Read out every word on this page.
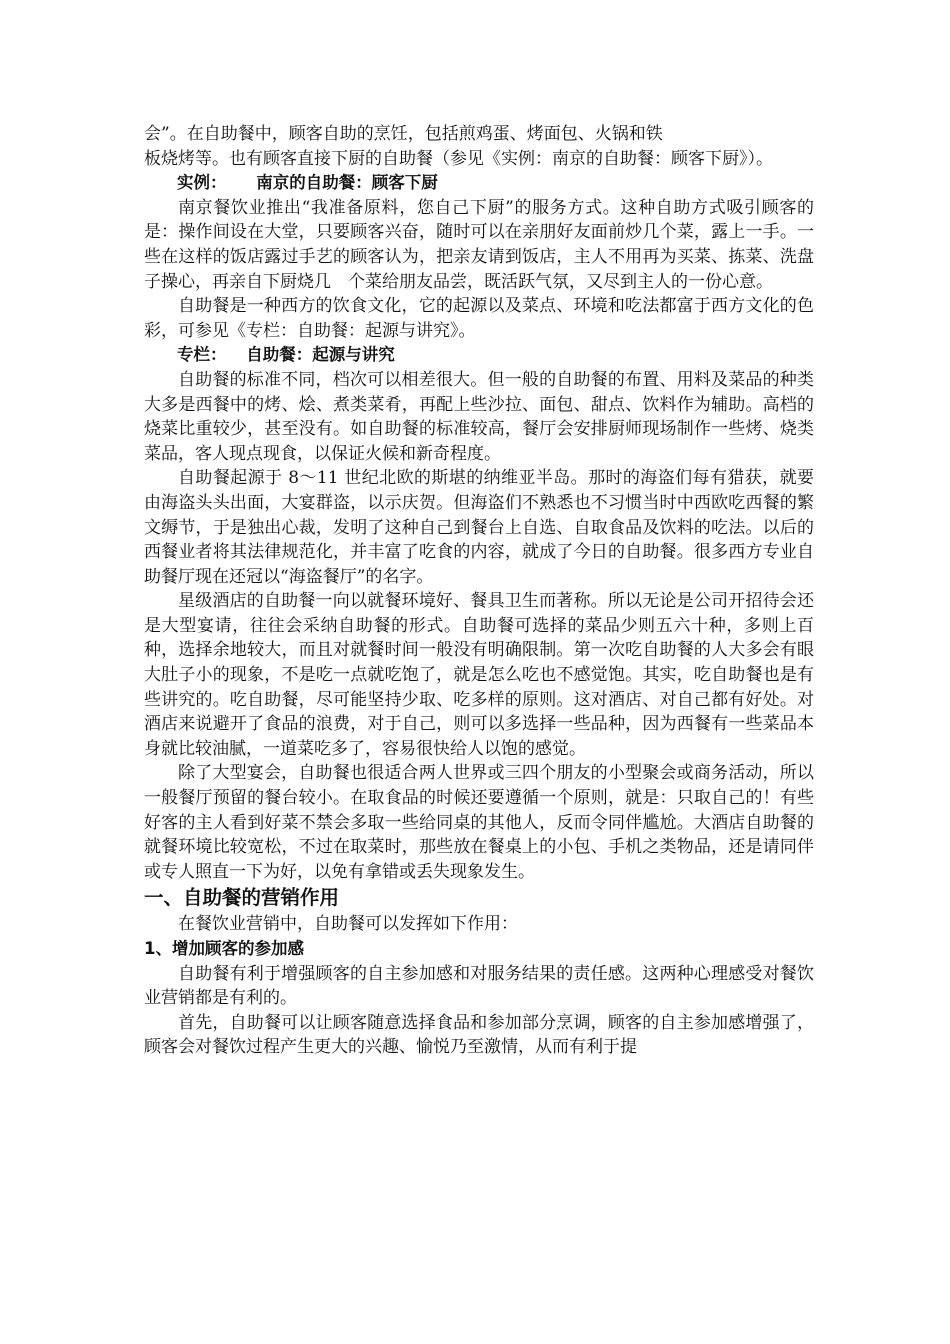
会”。在自助餐中，顾客自助的烹饪，包括煎鸡蛋、烤面包、火锅和铁
板烧烤等。也有顾客直接下厨的自助餐（参见《实例：南京的自助餐：顾客下厨》）。

实例： 南京的自助餐：顾客下厨

南京餐饮业推出“我准备原料，您自己下厨”的服务方式。这种自助方式吸引顾客的是：操作间设在大堂，只要顾客兴奋，随时可以在亲朋好友面前炒几个菜，露上一手。一些在这样的饭店露过手艺的顾客认为，把亲友请到饭店，主人不用再为买菜、拣菜、洗盘子操心，再亲自下厨烧几　个菜给朋友品尝，既活跃气氛，又尽到主人的一份心意。

自助餐是一种西方的饮食文化，它的起源以及菜点、环境和吃法都富于西方文化的色彩，可参见《专栏：自助餐：起源与讲究》。

专栏： 自助餐：起源与讲究

自助餐的标准不同，档次可以相差很大。但一般的自助餐的布置、用料及菜品的种类大多是西餐中的烤、烩、煮类菜肴，再配上些沙拉、面包、甜点、饮料作为辅助。高档的烧菜比重较少，甚至没有。如自助餐的标准较高，餐厅会安排厨师现场制作一些烤、烧类菜品，客人现点现食，以保证火候和新奇程度。

自助餐起源于 8～11 世纪北欧的斯堪的纳维亚半岛。那时的海盗们每有猎获，就要由海盗头头出面，大宴群盗，以示庆贺。但海盗们不熟悉也不习惯当时中西欧吃西餐的繁文缛节，于是独出心裁，发明了这种自己到餐台上自选、自取食品及饮料的吃法。以后的西餐业者将其法律规范化，并丰富了吃食的内容，就成了今日的自助餐。很多西方专业自助餐厅现在还冠以“海盗餐厅”的名字。

星级酒店的自助餐一向以就餐环境好、餐具卫生而著称。所以无论是公司开招待会还是大型宴请，往往会采纳自助餐的形式。自助餐可选择的菜品少则五六十种，多则上百种，选择余地较大，而且对就餐时间一般没有明确限制。第一次吃自助餐的人大多会有眼大肚子小的现象，不是吃一点就吃饱了，就是怎么吃也不感觉饱。其实，吃自助餐也是有些讲究的。吃自助餐，尽可能坚持少取、吃多样的原则。这对酒店、对自己都有好处。对酒店来说避开了食品的浪费，对于自己，则可以多选择一些品种，因为西餐有一些菜品本身就比较油腻，一道菜吃多了，容易很快给人以饱的感觉。

除了大型宴会，自助餐也很适合两人世界或三四个朋友的小型聚会或商务活动，所以一般餐厅预留的餐台较小。在取食品的时候还要遵循一个原则，就是：只取自己的！有些好客的主人看到好菜不禁会多取一些给同桌的其他人，反而令同伴尴尬。大酒店自助餐的就餐环境比较宽松，不过在取菜时，那些放在餐桌上的小包、手机之类物品，还是请同伴或专人照直一下为好，以免有拿错或丢失现象发生。

一、自助餐的营销作用

在餐饮业营销中，自助餐可以发挥如下作用：

1、增加顾客的参加感

自助餐有利于增强顾客的自主参加感和对服务结果的责任感。这两种心理感受对餐饮业营销都是有利的。

首先，自助餐可以让顾客随意选择食品和参加部分烹调，顾客的自主参加感增强了，顾客会对餐饮过程产生更大的兴趣、愉悦乃至激情，从而有利于提
